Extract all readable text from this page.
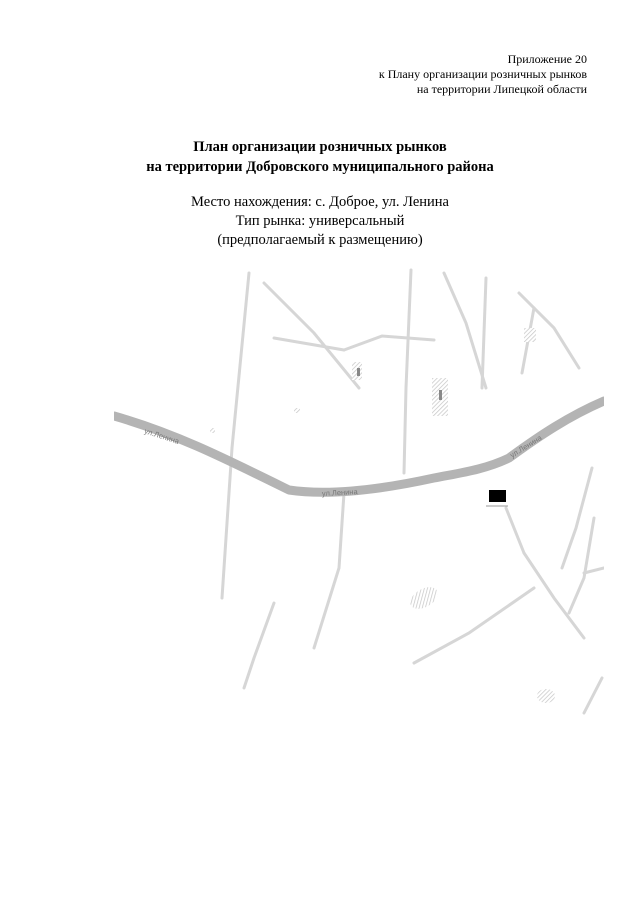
Приложение 20
к Плану организации розничных рынков
на территории Липецкой области
План организации розничных рынков
на территории Добровского муниципального района
Место нахождения: с. Доброе, ул. Ленина
Тип рынка: универсальный
(предполагаемый к размещению)
ул.Ленина
ул.Ленина
ул.Ленина
